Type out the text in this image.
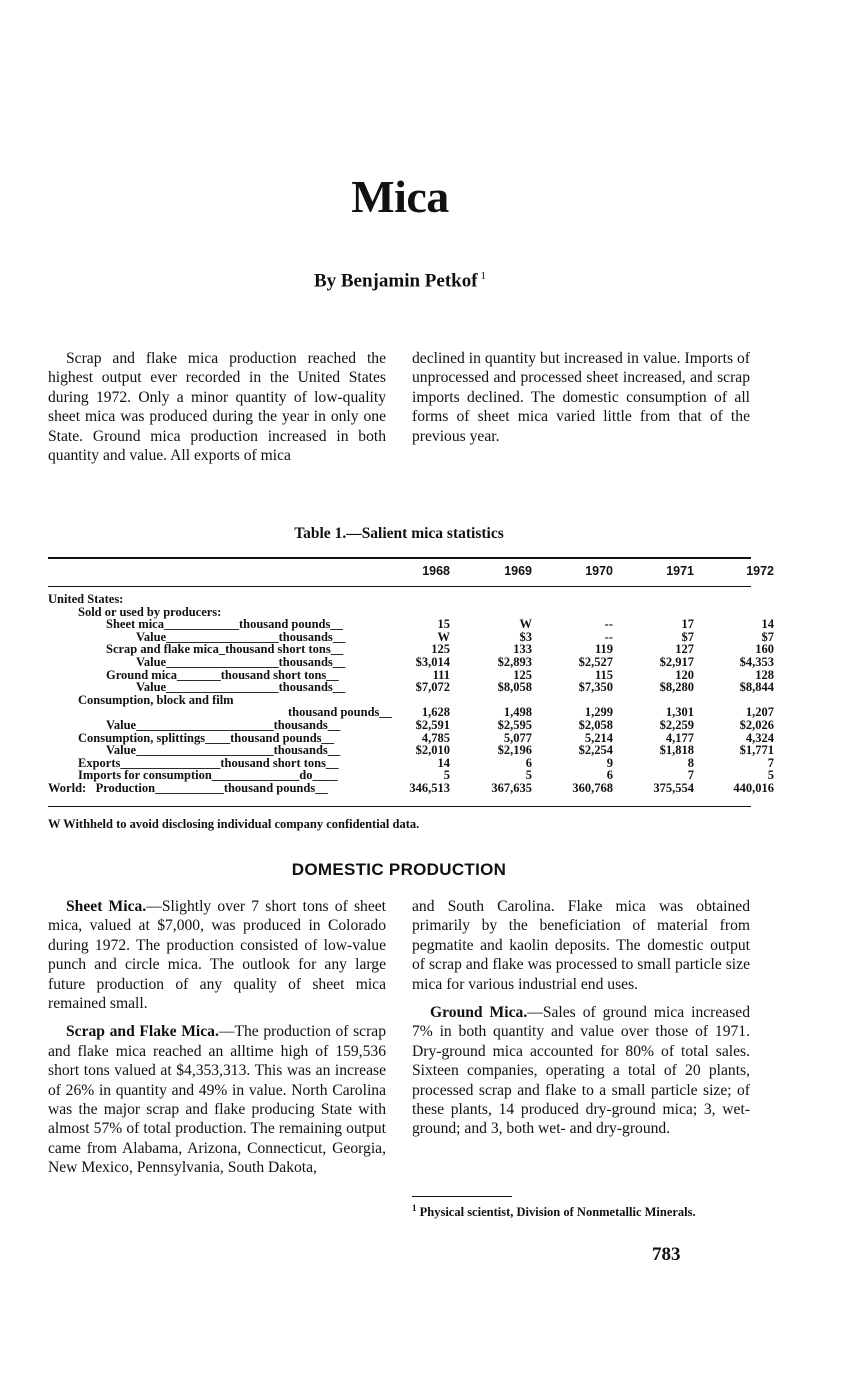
Mica
By Benjamin Petkof $^1$

Scrap and flake mica production reached the highest output ever recorded in the United States during 1972. Only a minor quantity of low-quality sheet mica was produced during the year in only one State. Ground mica production increased in both quantity and value. All exports of mica

declined in quantity but increased in value. Imports of unprocessed and processed sheet increased, and scrap imports declined. The domestic consumption of all forms of sheet mica varied little from that of the previous year.

Table 1.—Salient mica statistics
1968	1969	1970	1971	1972
United States:
Sold or used by producers:
Sheet mica____________thousand pounds__	15	W	--	17	14
Value__________________thousands__	W	$3	--	$7	$7
Scrap and flake mica_thousand short tons__	125	133	119	127	160
Value__________________thousands__	$3,014	$2,893	$2,527	$2,917	$4,353
Ground mica_______thousand short tons__	111	125	115	120	128
Value__________________thousands__	$7,072	$8,058	$7,350	$8,280	$8,844
Consumption, block and film
thousand pounds__	1,628	1,498	1,299	1,301	1,207
Value______________________thousands__	$2,591	$2,595	$2,058	$2,259	$2,026
Consumption, splittings____thousand pounds__	4,785	5,077	5,214	4,177	4,324
Value______________________thousands__	$2,010	$2,196	$2,254	$1,818	$1,771
Exports________________thousand short tons__	14	6	9	8	7
Imports for consumption______________do____	5	5	6	7	5
World:   Production___________thousand pounds__	346,513	367,635	360,768	375,554	440,016
W Withheld to avoid disclosing individual company confidential data.
DOMESTIC PRODUCTION

Sheet Mica.—Slightly over 7 short tons of sheet mica, valued at $7,000, was produced in Colorado during 1972. The production consisted of low-value punch and circle mica. The outlook for any large future production of any quality of sheet mica remained small.

Scrap and Flake Mica.—The production of scrap and flake mica reached an alltime high of 159,536 short tons valued at $4,353,313. This was an increase of 26% in quantity and 49% in value. North Carolina was the major scrap and flake producing State with almost 57% of total production. The remaining output came from Alabama, Arizona, Connecticut, Georgia, New Mexico, Pennsylvania, South Dakota,

and South Carolina. Flake mica was obtained primarily by the beneficiation of material from pegmatite and kaolin deposits. The domestic output of scrap and flake was processed to small particle size mica for various industrial end uses.

Ground Mica.—Sales of ground mica increased 7% in both quantity and value over those of 1971. Dry-ground mica accounted for 80% of total sales. Sixteen companies, operating a total of 20 plants, processed scrap and flake to a small particle size; of these plants, 14 produced dry-ground mica; 3, wet-ground; and 3, both wet- and dry-ground.

$^1$ Physical scientist, Division of Nonmetallic Minerals.
783
